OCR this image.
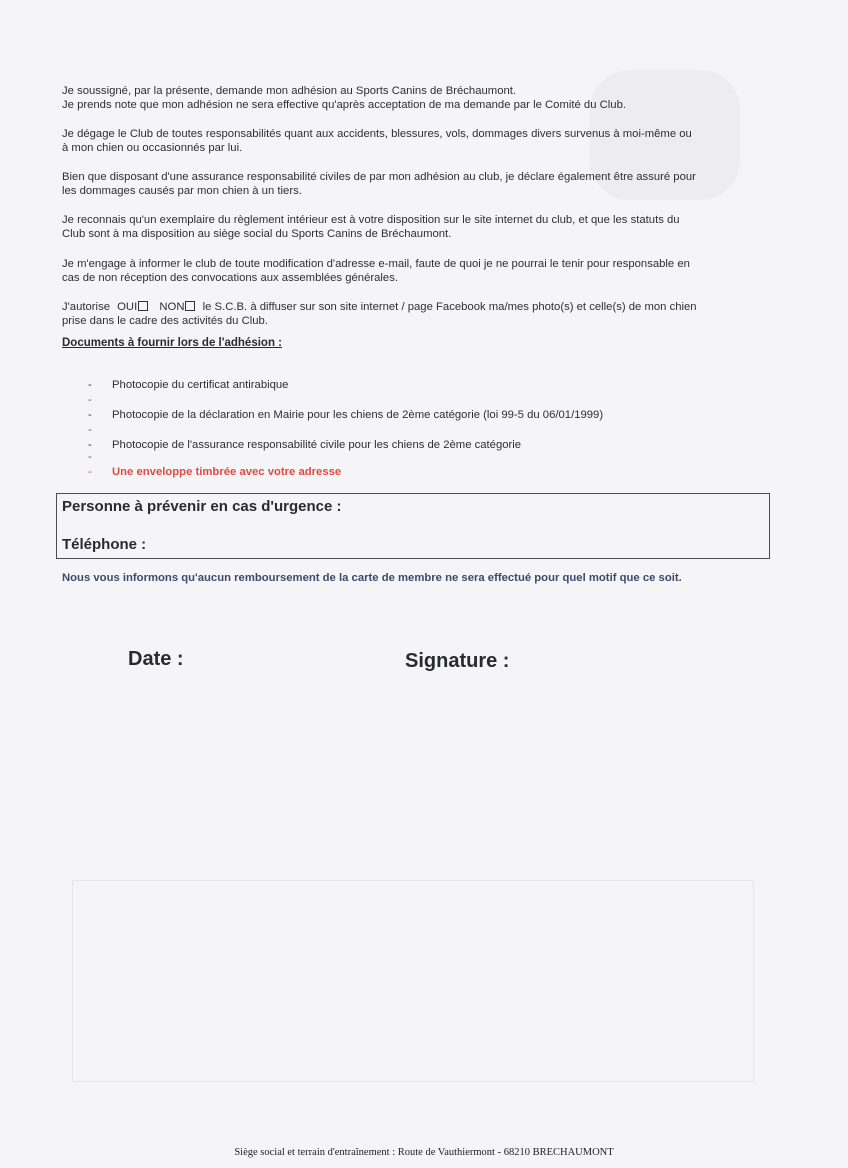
Je soussigné, par la présente, demande mon adhésion au Sports Canins de Bréchaumont.
Je prends note que mon adhésion ne sera effective qu'après acceptation de ma demande par le Comité du Club.
Je dégage le Club de toutes responsabilités quant aux accidents, blessures, vols, dommages divers survenus à moi-même ou
à mon chien ou occasionnés par lui.
Bien que disposant d'une assurance responsabilité civiles de par mon adhésion au club, je déclare également être assuré pour
les dommages causés par mon chien à un tiers.
Je reconnais qu'un exemplaire du règlement intérieur est à votre disposition sur le site internet du club, et que les statuts du
Club sont à ma disposition au siège social du Sports Canins de Bréchaumont.
Je m'engage à informer le club de toute modification d'adresse e-mail, faute de quoi je ne pourrai le tenir pour responsable en
cas de non réception des convocations aux assemblées générales.
J'autorise OUI NON le S.C.B. à diffuser sur son site internet / page Facebook ma/mes photo(s) et celle(s) de mon chien
prise dans le cadre des activités du Club.
Documents à fournir lors de l'adhésion :
- Photocopie du certificat antirabique
-
- Photocopie de la déclaration en Mairie pour les chiens de 2ème catégorie (loi 99-5 du 06/01/1999)
-
- Photocopie de l'assurance responsabilité civile pour les chiens de 2ème catégorie
-
- Une enveloppe timbrée avec votre adresse
Personne à prévenir en cas d'urgence :
Téléphone :
Nous vous informons qu'aucun remboursement de la carte de membre ne sera effectué pour quel motif que ce soit.
Date :	Signature :
Siège social et terrain d'entraînement : Route de Vauthiermont - 68210 BRECHAUMONT
